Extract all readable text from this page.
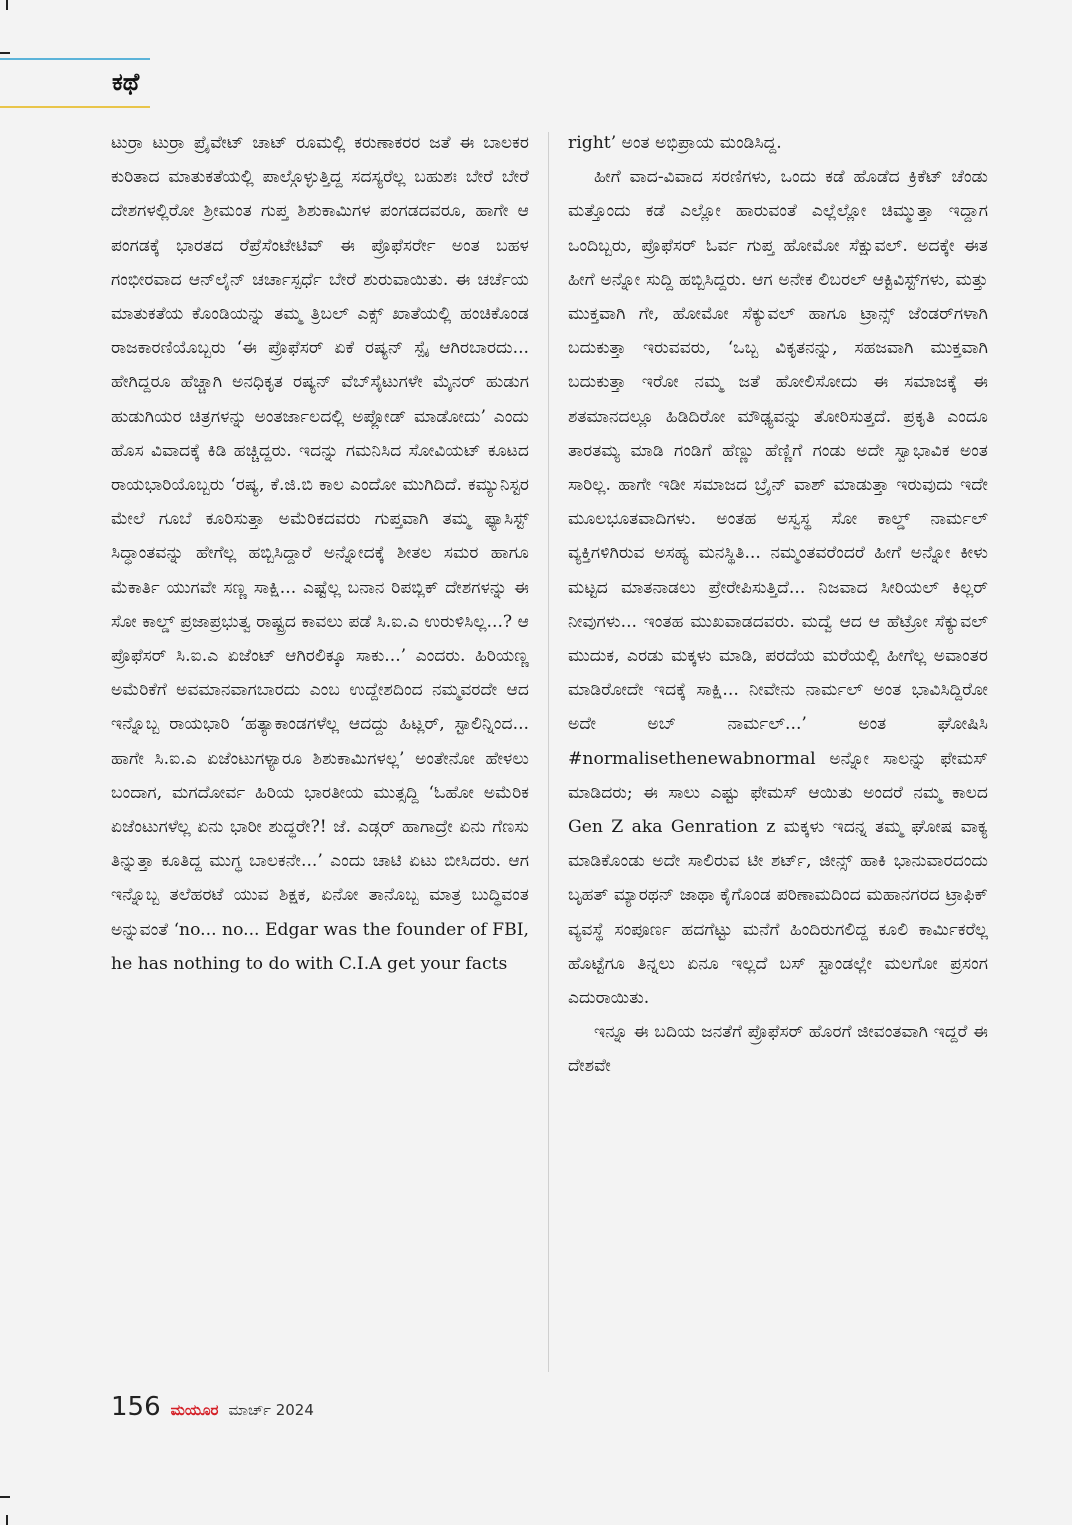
ಕಥೆ

ಟುರ್ರಾ ಟುರ್ರಾ ಪ್ರೈವೇಟ್ ಚಾಟ್ ರೂಮಲ್ಲಿ ಕರುಣಾಕರರ ಜತೆ ಈ ಬಾಲಕರ ಕುರಿತಾದ ಮಾತುಕತೆಯಲ್ಲಿ ಪಾಲ್ಗೊಳ್ಳುತ್ತಿದ್ದ ಸದಸ್ಯರೆಲ್ಲ ಬಹುಶಃ ಬೇರೆ ಬೇರೆ ದೇಶಗಳಲ್ಲಿರೋ ಶ್ರೀಮಂತ ಗುಪ್ತ ಶಿಶುಕಾಮಿಗಳ ಪಂಗಡದವರೂ, ಹಾಗೇ ಆ ಪಂಗಡಕ್ಕೆ ಭಾರತದ ರೆಪ್ರೆಸೆಂಟೇಟಿವ್ ಈ ಪ್ರೊಫೆಸರ್ರೇ ಅಂತ ಬಹಳ ಗಂಭೀರವಾದ ಆನ್‌ಲೈನ್ ಚರ್ಚಾಸ್ಪರ್ಧೆ ಬೇರೆ ಶುರುವಾಯಿತು. ಈ ಚರ್ಚೆಯ ಮಾತುಕತೆಯ ಕೊಂಡಿಯನ್ನು ತಮ್ಮ ತ್ರಿಬಲ್ ಎಕ್ಸ್ ಖಾತೆಯಲ್ಲಿ ಹಂಚಿಕೊಂಡ ರಾಜಕಾರಣಿಯೊಬ್ಬರು ‘ಈ ಪ್ರೊಫೆಸರ್ ಏಕೆ ರಷ್ಯನ್ ಸ್ಪೈ ಆಗಿರಬಾರದು... ಹೇಗಿದ್ದರೂ ಹೆಚ್ಚಾಗಿ ಅನಧಿಕೃತ ರಷ್ಯನ್ ವೆಬ್‌ಸೈಟುಗಳೇ ಮೈನರ್ ಹುಡುಗ ಹುಡುಗಿಯರ ಚಿತ್ರಗಳನ್ನು ಅಂತರ್ಜಾಲದಲ್ಲಿ ಅಪ್ಲೋಡ್ ಮಾಡೋದು’ ಎಂದು ಹೊಸ ವಿವಾದಕ್ಕೆ ಕಿಡಿ ಹಚ್ಚಿದ್ದರು. ಇದನ್ನು ಗಮನಿಸಿದ ಸೋವಿಯಟ್ ಕೂಟದ ರಾಯಭಾರಿಯೊಬ್ಬರು ‘ರಷ್ಯ, ಕೆ.ಜಿ.ಬಿ ಕಾಲ ಎಂದೋ ಮುಗಿದಿದೆ. ಕಮ್ಯುನಿಸ್ಟರ ಮೇಲೆ ಗೂಬೆ ಕೂರಿಸುತ್ತಾ ಅಮೆರಿಕದವರು ಗುಪ್ತವಾಗಿ ತಮ್ಮ ಫ್ಯಾಸಿಸ್ಟ್ ಸಿದ್ಧಾಂತವನ್ನು ಹೇಗೆಲ್ಲ ಹಬ್ಬಿಸಿದ್ದಾರೆ ಅನ್ನೋದಕ್ಕೆ ಶೀತಲ ಸಮರ ಹಾಗೂ ಮೆಕಾರ್ತಿ ಯುಗವೇ ಸಣ್ಣ ಸಾಕ್ಷಿ... ಎಷ್ಟೆಲ್ಲ ಬನಾನ ರಿಪಬ್ಲಿಕ್ ದೇಶಗಳನ್ನು ಈ ಸೋ ಕಾಲ್ಡ್ ಪ್ರಜಾಪ್ರಭುತ್ವ ರಾಷ್ಟ್ರದ ಕಾವಲು ಪಡೆ ಸಿ.ಐ.ಎ ಉರುಳಿಸಿಲ್ಲ...? ಆ ಪ್ರೊಫೆಸರ್ ಸಿ.ಐ.ಎ ಏಜೆಂಟ್ ಆಗಿರಲಿಕ್ಕೂ ಸಾಕು...’ ಎಂದರು. ಹಿರಿಯಣ್ಣ ಅಮೆರಿಕೆಗೆ ಅವಮಾನವಾಗಬಾರದು ಎಂಬ ಉದ್ದೇಶದಿಂದ ನಮ್ಮವರದೇ ಆದ ಇನ್ನೊಬ್ಬ ರಾಯಭಾರಿ ‘ಹತ್ಯಾಕಾಂಡಗಳೆಲ್ಲ ಆದದ್ದು ಹಿಟ್ಲರ್, ಸ್ಟಾಲಿನ್ನಿಂದ... ಹಾಗೇ ಸಿ.ಐ.ಎ ಏಜೆಂಟುಗಳ್ಯಾರೂ ಶಿಶುಕಾಮಿಗಳಲ್ಲ’ ಅಂತೇನೋ ಹೇಳಲು ಬಂದಾಗ, ಮಗದೋರ್ವ ಹಿರಿಯ ಭಾರತೀಯ ಮುತ್ಸದ್ದಿ ‘ಓಹೋ ಅಮೆರಿಕ ಏಜೆಂಟುಗಳೆಲ್ಲ ಏನು ಭಾರೀ ಶುದ್ಧರೇ?! ಜೆ. ಎಡ್ಗರ್ ಹಾಗಾದ್ರೇ ಏನು ಗೆಣಸು ತಿನ್ನುತ್ತಾ ಕೂತಿದ್ದ ಮುಗ್ಧ ಬಾಲಕನೇ...’ ಎಂದು ಚಾಟಿ ಏಟು ಬೀಸಿದರು. ಆಗ ಇನ್ನೊಬ್ಬ ತಲೆಹರಟೆ ಯುವ ಶಿಕ್ಷಕ, ಏನೋ ತಾನೊಬ್ಬ ಮಾತ್ರ ಬುದ್ಧಿವಂತ ಅನ್ನುವಂತೆ ‘no... no... Edgar was the founder of FBI, he has nothing to do with C.I.A get your facts

right’ ಅಂತ ಅಭಿಪ್ರಾಯ ಮಂಡಿಸಿದ್ದ.

ಹೀಗೆ ವಾದ-ವಿವಾದ ಸರಣಿಗಳು, ಒಂದು ಕಡೆ ಹೊಡೆದ ಕ್ರಿಕೆಟ್ ಚೆಂಡು ಮತ್ತೊಂದು ಕಡೆ ಎಲ್ಲೋ ಹಾರುವಂತೆ ಎಲ್ಲೆಲ್ಲೋ ಚಿಮ್ಮುತ್ತಾ ಇದ್ದಾಗ ಒಂದಿಬ್ಬರು, ಪ್ರೊಫೆಸರ್ ಓರ್ವ ಗುಪ್ತ ಹೋಮೋ ಸೆಕ್ಷುವಲ್. ಅದಕ್ಕೇ ಈತ ಹೀಗೆ ಅನ್ನೋ ಸುದ್ದಿ ಹಬ್ಬಿಸಿದ್ದರು. ಆಗ ಅನೇಕ ಲಿಬರಲ್ ಆಕ್ಟಿವಿಸ್ಟ್‌ಗಳು, ಮತ್ತು ಮುಕ್ತವಾಗಿ ಗೇ, ಹೋಮೋ ಸೆಕ್ಯುವಲ್ ಹಾಗೂ ಟ್ರಾನ್ಸ್ ಜೆಂಡರ್‌ಗಳಾಗಿ ಬದುಕುತ್ತಾ ಇರುವವರು, ‘ಒಬ್ಬ ವಿಕೃತನನ್ನು, ಸಹಜವಾಗಿ ಮುಕ್ತವಾಗಿ ಬದುಕುತ್ತಾ ಇರೋ ನಮ್ಮ ಜತೆ ಹೋಲಿಸೋದು ಈ ಸಮಾಜಕ್ಕೆ ಈ ಶತಮಾನದಲ್ಲೂ ಹಿಡಿದಿರೋ ಮೌಢ್ಯವನ್ನು ತೋರಿಸುತ್ತದೆ. ಪ್ರಕೃತಿ ಎಂದೂ ತಾರತಮ್ಯ ಮಾಡಿ ಗಂಡಿಗೆ ಹೆಣ್ಣು ಹೆಣ್ಣಿಗೆ ಗಂಡು ಅದೇ ಸ್ವಾಭಾವಿಕ ಅಂತ ಸಾರಿಲ್ಲ. ಹಾಗೇ ಇಡೀ ಸಮಾಜದ ಬ್ರೈನ್ ವಾಶ್ ಮಾಡುತ್ತಾ ಇರುವುದು ಇದೇ ಮೂಲಭೂತವಾದಿಗಳು. ಅಂತಹ ಅಸ್ವಸ್ಥ ಸೋ ಕಾಲ್ಡ್ ನಾರ್ಮಲ್ ವ್ಯಕ್ತಿಗಳಿಗಿರುವ ಅಸಹ್ಯ ಮನಸ್ಥಿತಿ... ನಮ್ಮಂತವರೆಂದರೆ ಹೀಗೆ ಅನ್ನೋ ಕೀಳು ಮಟ್ಟದ ಮಾತನಾಡಲು ಪ್ರೇರೇಪಿಸುತ್ತಿದೆ... ನಿಜವಾದ ಸೀರಿಯಲ್ ಕಿಲ್ಲರ್ ನೀವುಗಳು... ಇಂತಹ ಮುಖವಾಡದವರು. ಮದ್ವೆ ಆದ ಆ ಹೆಟ್ರೋ ಸೆಕ್ಯುವಲ್ ಮುದುಕ, ಎರಡು ಮಕ್ಕಳು ಮಾಡಿ, ಪರದೆಯ ಮರೆಯಲ್ಲಿ ಹೀಗೆಲ್ಲ ಅವಾಂತರ ಮಾಡಿರೋದೇ ಇದಕ್ಕೆ ಸಾಕ್ಷಿ... ನೀವೇನು ನಾರ್ಮಲ್ ಅಂತ ಭಾವಿಸಿದ್ದಿರೋ ಅದೇ ಅಬ್ ನಾರ್ಮಲ್...’ ಅಂತ ಘೋಷಿಸಿ #normalisethenewabnormal ಅನ್ನೋ ಸಾಲನ್ನು ಫೇಮಸ್ ಮಾಡಿದರು; ಈ ಸಾಲು ಎಷ್ಟು ಫೇಮಸ್ ಆಯಿತು ಅಂದರೆ ನಮ್ಮ ಕಾಲದ Gen Z aka Genration z ಮಕ್ಕಳು ಇದನ್ನ ತಮ್ಮ ಘೋಷ ವಾಕ್ಯ ಮಾಡಿಕೊಂಡು ಅದೇ ಸಾಲಿರುವ ಟೀ ಶರ್ಟ್, ಜೀನ್ಸ್ ಹಾಕಿ ಭಾನುವಾರದಂದು ಬೃಹತ್ ಮ್ಯಾರಥನ್ ಜಾಥಾ ಕೈಗೊಂಡ ಪರಿಣಾಮದಿಂದ ಮಹಾನಗರದ ಟ್ರಾಫಿಕ್ ವ್ಯವಸ್ಥೆ ಸಂಪೂರ್ಣ ಹದಗೆಟ್ಟು ಮನೆಗೆ ಹಿಂದಿರುಗಲಿದ್ದ ಕೂಲಿ ಕಾರ್ಮಿಕರೆಲ್ಲ ಹೊಟ್ಟೆಗೂ ತಿನ್ನಲು ಏನೂ ಇಲ್ಲದೆ ಬಸ್ ಸ್ಟಾಂಡಲ್ಲೇ ಮಲಗೋ ಪ್ರಸಂಗ ಎದುರಾಯಿತು.

ಇನ್ನೂ ಈ ಬದಿಯ ಜನತೆಗೆ ಪ್ರೊಫೆಸರ್ ಹೊರಗೆ ಜೀವಂತವಾಗಿ ಇದ್ದರೆ ಈ ದೇಶವೇ

156 ಮಯೂರ ಮಾರ್ಚ್ 2024
